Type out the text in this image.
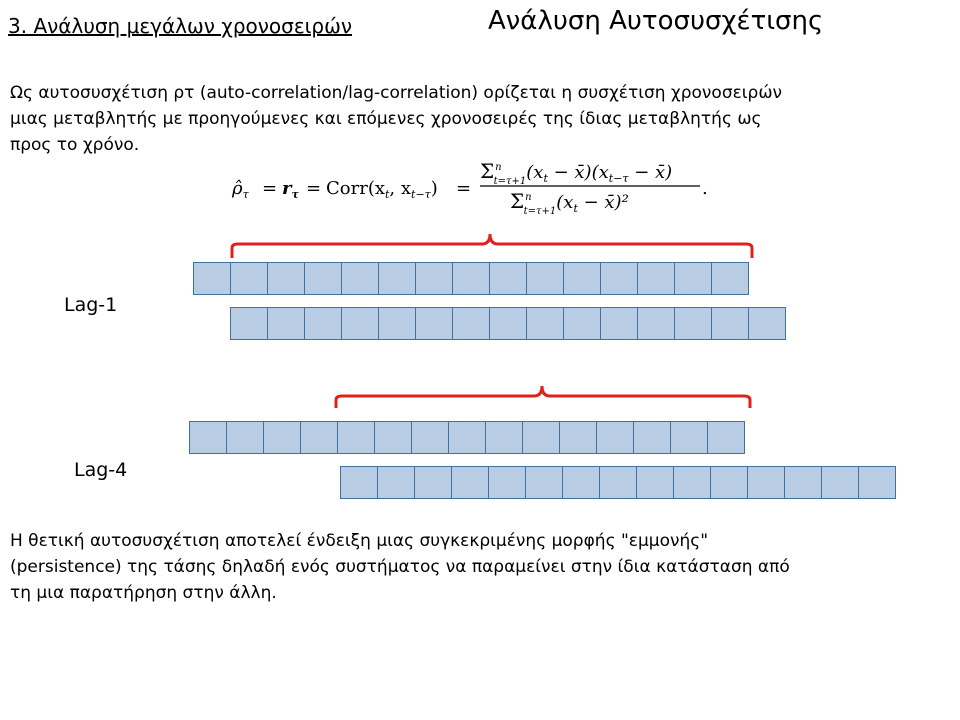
3. Ανάλυση μεγάλων χρονοσειρών	Ανάλυση Αυτοσυσχέτισης
Ως αυτοσυσχέτιση ρτ (auto-correlation/lag-correlation) ορίζεται η συσχέτιση χρονοσειρών
μιας μεταβλητής με προηγούμενες και επόμενες χρονοσειρές της ίδιας μεταβλητής ως
προς το χρόνο.
$\rhô_\tau = r_\tau$ = $Corr(x_t$, $x_{t-\tau}$) =
$\Sigma^n$ $t=\tau+1(x_t$ − $x̄)(x_{t-\tau}$ − x̄)
$\Sigma^n$ $t=\tau+1(x_t$ − x̄)²
.
Lag-1
Lag-4
Η θετική αυτοσυσχέτιση αποτελεί ένδειξη μιας συγκεκριμένης μορφής "εμμονής"
(persistence) της τάσης δηλαδή ενός συστήματος να παραμείνει στην ίδια κατάσταση από
τη μια παρατήρηση στην άλλη.
